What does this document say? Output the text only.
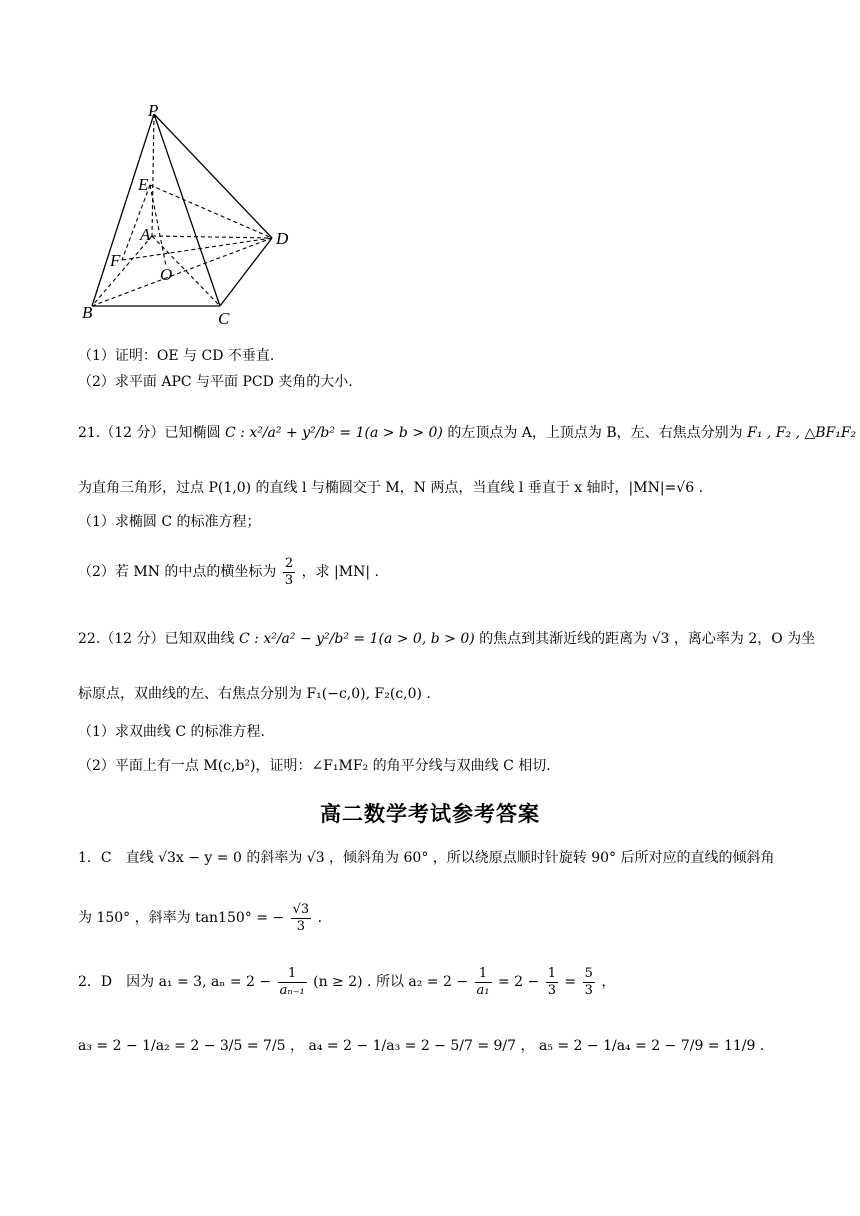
P
E
A	D
F
O
B	C
（1）证明：OE 与 CD 不垂直.
（2）求平面 APC 与平面 PCD 夹角的大小.
21.（12 分）已知椭圆 C : x²/a² + y²/b² = 1(a > b > 0) 的左顶点为 A，上顶点为 B，左、右焦点分别为 F₁ , F₂ , △BF₁F₂
为直角三角形，过点 P(1,0) 的直线 l 与椭圆交于 M，N 两点，当直线 l 垂直于 x 轴时，|MN|=√6 .
（1）求椭圆 C 的标准方程；
（2）若 MN 的中点的横坐标为 $\frac{2}{3}$ ，求 |MN| .
22.（12 分）已知双曲线 C : x²/a² − y²/b² = 1(a > 0, b > 0) 的焦点到其渐近线的距离为 √3 ，离心率为 2，O 为坐
标原点，双曲线的左、右焦点分别为 F₁(−c,0), F₂(c,0) .
（1）求双曲线 C 的标准方程.
（2）平面上有一点 M(c,b²)，证明：∠F₁MF₂ 的角平分线与双曲线 C 相切.
高二数学考试参考答案
1．C　直线 √3x − y = 0 的斜率为 √3 ，倾斜角为 60° ，所以绕原点顺时针旋转 90° 后所对应的直线的倾斜角
为 150° ，斜率为 tan150° = − $\frac{√3}{3}$ .
2．D　因为 a₁ = 3, $a_n = 2 - \frac{1}{\text{aₙ₋₁}} (n \ge 2)$ . 所以 $a_2 = 2 - \frac{1}{\text{a₁}} = 2 - \frac{1}{3} = \frac{5}{3}$ ，
a₃ = 2 − 1/a₂ = 2 − 3/5 = 7/5 ， a₄ = 2 − 1/a₃ = 2 − 5/7 = 9/7 ， a₅ = 2 − 1/a₄ = 2 − 7/9 = 11/9 .
